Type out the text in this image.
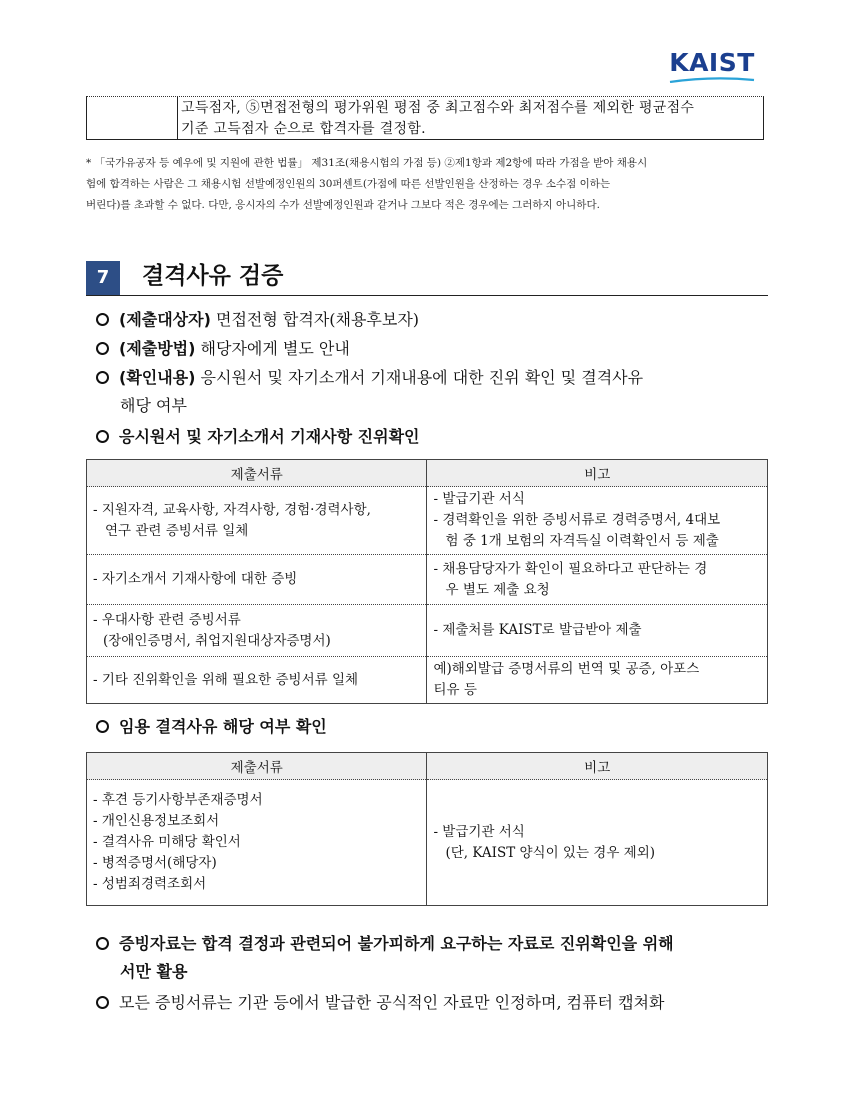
KAIST
고득점자, ⑤면접전형의 평가위원 평점 중 최고점수와 최저점수를 제외한 평균점수
기준 고득점자 순으로 합격자를 결정함.
* 「국가유공자 등 예우에 및 지원에 관한 법률」 제31조(채용시험의 가점 등) ②제1항과 제2항에 따라 가점을 받아 채용시
험에 합격하는 사람은 그 채용시험 선발예정인원의 30퍼센트(가점에 따른 선발인원을 산정하는 경우 소수점 이하는
버린다)를 초과할 수 없다. 다만, 응시자의 수가 선발예정인원과 같거나 그보다 적은 경우에는 그러하지 아니하다.
7	결격사유 검증
(제출대상자) 면접전형 합격자(채용후보자)
(제출방법) 해당자에게 별도 안내
(확인내용) 응시원서 및 자기소개서 기재내용에 대한 진위 확인 및 결격사유
해당 여부
응시원서 및 자기소개서 기재사항 진위확인
제출서류	비고

- 지원자격, 교육사항, 자격사항, 경험·경력사항,
연구 관련 증빙서류 일체	- 발급기관 서식
- 경력확인을 위한 증빙서류로 경력증명서, 4대보
험 중 1개 보험의 자격득실 이력확인서 등 제출

- 자기소개서 기재사항에 대한 증빙	- 채용담당자가 확인이 필요하다고 판단하는 경
우 별도 제출 요청

- 우대사항 관련 증빙서류
(장애인증명서, 취업지원대상자증명서)	- 제출처를 KAIST로 발급받아 제출

- 기타 진위확인을 위해 필요한 증빙서류 일체	예)해외발급 증명서류의 번역 및 공증, 아포스
티유 등
임용 결격사유 해당 여부 확인
제출서류	비고

- 후견 등기사항부존재증명서
- 개인신용정보조회서
- 결격사유 미해당 확인서
- 병적증명서(해당자)
- 성범죄경력조회서	- 발급기관 서식
(단, KAIST 양식이 있는 경우 제외)
증빙자료는 합격 결정과 관련되어 불가피하게 요구하는 자료로 진위확인을 위해
서만 활용
모든 증빙서류는 기관 등에서 발급한 공식적인 자료만 인정하며, 컴퓨터 캡쳐화
